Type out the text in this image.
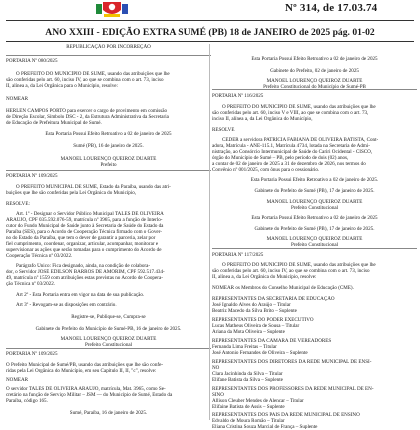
Nº 314, de 17.03.74
ANO XXIII - EDIÇÃO EXTRA SUMÉ (PB) 18 de JANEIRO de 2025 pág. 01-02
REPUBLICAÇÃO POR INCORREÇÃO
PORTARIA Nº 080/2025
O PREFEITO DO MUNICÍPIO DE SUMÉ, usando das atribuições que lhe
são conferidas pelo art. 60, inciso IV, ao que se combina com o art. 73, inciso
II, alínea a, da Lei Orgânica para o Município, resolve:
NOMEAR
HERLEN CAMPOS PORTO para exercer o cargo de provimento em comissão
de Direção Escolar, Símbolo DSC - 2, da Estrutura Administrativa da Secretaria
de Educação de Prefeitura Municipal de Sumé.
Esta Portaria Possui Efeito Retroativo a 02 de janeiro de 2025
Sumé (PB), 16 de janeiro de 2025.
MANOEL LOURENÇO QUEIROZ DUARTE
Prefeito
PORTARIA Nº 109/2025
O PREFEITO MUNICIPAL DE SUMÉ, Estado da Paraíba, usando das atri-
buições que lhe são conferidas pela Lei Orgânica do Município,
RESOLVE:
Art. 1º - Designar o Servidor Público Municipal TALES DE OLIVEIRA
ARAÚJO, CPF 035.592.076-59, matrícula nº 3965, para a função de Interlo-
cutor do Fundo Municipal de Saúde junto à Secretaria de Saúde do Estado da
Paraíba (SES), para o Acordo de Cooperação Técnica firmado com o Gover-
no do Estado da Paraíba, que tem o dever de garantir a parceria, zelar por
fiel cumprimento, coordenar, organizar, articular, acompanhar, monitorar e
supervisionar as ações que serão tomadas para o cumprimento do Acordo de
Cooperação Técnica nº 03/2022.
Parágrafo Único: Fica designado, ainda, na condição de colabora-
dor, o Servidor JOSÉ EDILSON BARROS DE AMORIM, CPF 592.517.434-
49, matrícula nº 1559 com atribuições estas previstas no Acordo de Coopera-
ção Técnica nº 03/2022.
Art 2º - Esta Portaria entra em vigor na data de sua publicação.
Art 3º - Revogam-se as disposições em contrário.
Registre-se, Publique-se, Cumpra-se
Gabinete do Prefeito do Município de Sumé-PB, 16 de janeiro de 2025.
MANOEL LOURENÇO QUEIROZ DUARTE
Prefeito Constitucional
PORTARIA Nº 109/2025
O Prefeito Municipal de Sumé/PB, usando das atribuições que lhe são confe-
ridas pela Lei Orgânica do Município, em seu Capítulo II, II, "c", resolve:
NOMEAR
O servidor TALES DE OLIVEIRA ARAÚJO, matrícula, Mat. 3965, como Se-
cretário na função de Serviço Militar – JSM — do Município de Sumé, Estado da
Paraíba, código 165.
Sumé, Paraíba, 16 de janeiro de 2025.
Esta Portaria Possui Efeito Retroativo a 02 de janeiro de 2025
Gabinete do Prefeito, 02 de janeiro de 2025
MANOEL LOURENÇO QUEIROZ DUARTE
Prefeito Constitucional do Município de Sumé-PB
PORTARIA Nº 116/2025
O PREFEITO DO MUNICÍPIO DE SUMÉ, usando das atribuições que lhe
são conferidas pelo art. 60, inciso V e VIII, ao que se combina com o art. 73,
inciso II, alínea a, da Lei Orgânica do Município,
RESOLVE
CEDER a servidora PATRÍCIA FABIANA DE OLIVEIRA BATISTA, Cont-
adora, Matrícula - ANE-115.1, Matrícula 4734, lotada na Secretaria de Admi-
nistração, ao Consórcio Intermunicipal de Saúde do Cariri Ocidental - CISCO,
órgão do Município de Sumé – PB, pelo período de dois (02) anos,
a contar de 02 de janeiro de 2025 a 31 de dezembro de 2026, nos termos do
Convênio nº 001/2025, com ônus para o cessionário.
Esta Portaria Possui Efeito Retroativo a 02 de janeiro de 2025.
Gabinete do Prefeito de Sumé (PB), 17 de janeiro de 2025.
MANOEL LOURENÇO QUEIROZ DUARTE
Prefeito Constitucional
Esta Portaria Possui Efeito Retroativo a 02 de janeiro de 2025
Gabinete do Prefeito de Sumé (PB), 17 de janeiro de 2025.
MANOEL LOURENÇO QUEIROZ DUARTE
Prefeito Constitucional
PORTARIA Nº 117/2025
O PREFEITO DO MUNICÍPIO DE SUMÉ, usando das atribuições que lhe
são conferidas pelo art. 60, inciso IV, ao que se combina com o art. 73, inciso
II, alínea a, da Lei Orgânica do Município, resolve:
NOMEAR os Membros do Conselho Municipal de Educação (CME).
REPRESENTANTES DA SECRETARIA DE EDUCAÇÃO
José Ignaldo Alves do Araújo – Titular
Beatriz Macedo da Silva Brito – Suplente
REPRESENTANTES DO PODER EXECUTIVO
Lucas Matheus Oliveira de Sousa – Titular
Ariana da Mota Oliveira – Suplente
REPRESENTANTES DA CÂMARA DE VEREADORES
Fernanda Lima Freitas – Titular
José Antonio Fernandes de Oliveira – Suplente
REPRESENTANTES DOS DIRETORES DA REDE MUNICIPAL DE ENSI-
NO
Clara Jacinhinda da Silva – Titular
Elifane Batista da Silva – Suplente
REPRESENTANTES DOS PROFESSORES DA REDE MUNICIPAL DE EN-
SINO
Allison Cleuber Mendes de Alencar – Titular
Elifaine Batista de Assis – Suplente
REPRESENTANTES DOS PAIS DA REDE MUNICIPAL DE ENSINO
Edvaldo de Moura Romão – Titular
Eliana Cristina Souza Marcial de França – Suplente
